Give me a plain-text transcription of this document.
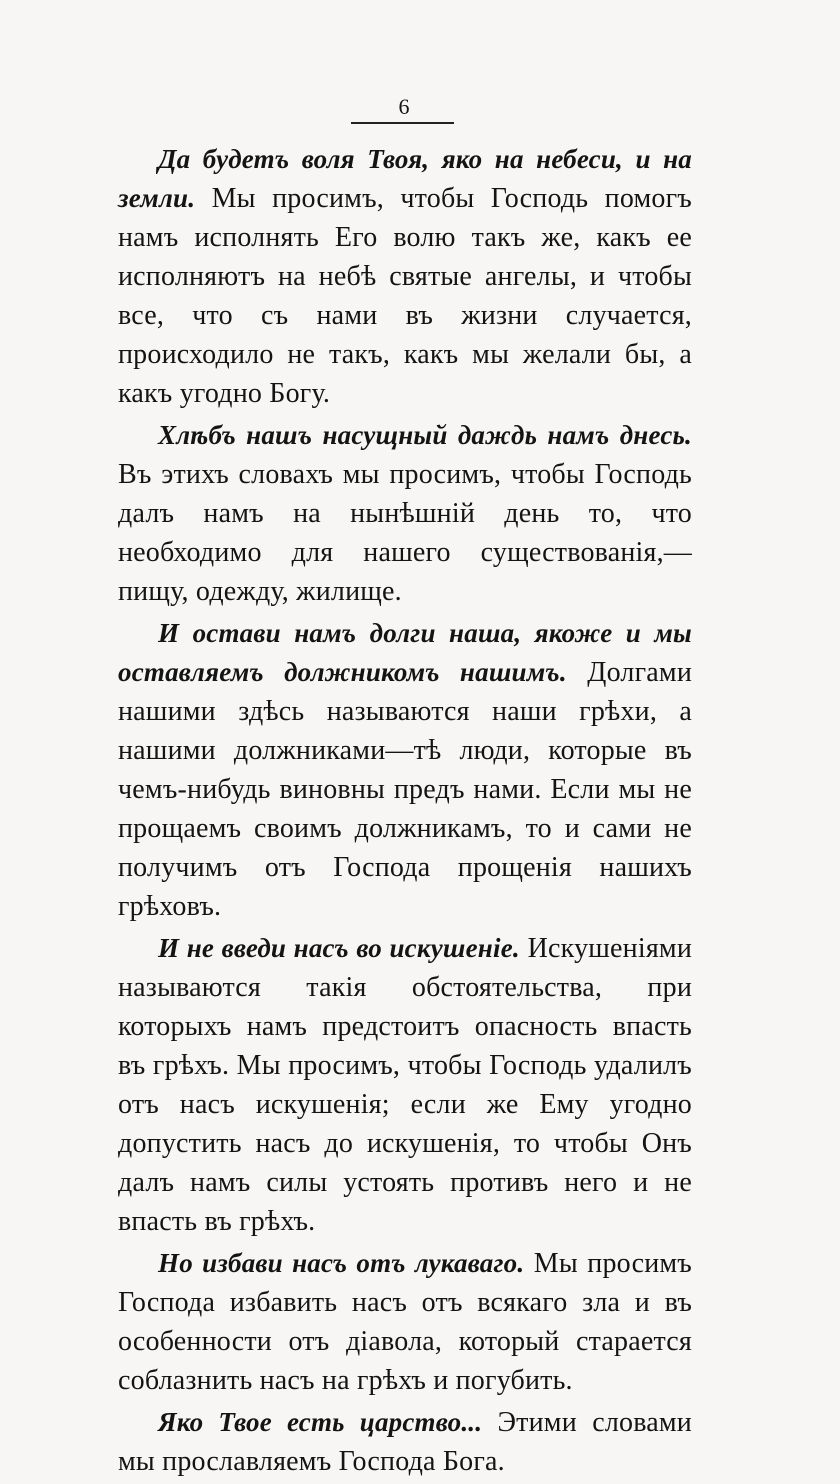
6

Да будетъ воля Твоя, яко на небеси, и на земли. Мы просимъ, чтобы Господь помогъ намъ исполнять Его волю такъ же, какъ ее исполняютъ на небѣ святые ангелы, и чтобы все, что съ нами въ жизни случается, происходило не такъ, какъ мы желали бы, а какъ угодно Богу.

Хлѣбъ нашъ насущный даждь намъ днесь. Въ этихъ словахъ мы просимъ, чтобы Господь далъ намъ на нынѣшній день то, что необходимо для нашего существованія,—пищу, одежду, жилище.

И остави намъ долги наша, якоже и мы оставляемъ должникомъ нашимъ. Долгами нашими здѣсь называются наши грѣхи, а нашими должниками—тѣ люди, которые въ чемъ-нибудь виновны предъ нами. Если мы не прощаемъ своимъ должникамъ, то и сами не получимъ отъ Господа прощенія нашихъ грѣховъ.

И не введи насъ во искушеніе. Искушеніями называются такія обстоятельства, при которыхъ намъ предстоитъ опасность впасть въ грѣхъ. Мы просимъ, чтобы Господь удалилъ отъ насъ искушенія; если же Ему угодно допустить насъ до искушенія, то чтобы Онъ далъ намъ силы устоять противъ него и не впасть въ грѣхъ.

Но избави насъ отъ лукаваго. Мы просимъ Господа избавить насъ отъ всякаго зла и въ особенности отъ діавола, который старается соблазнить насъ на грѣхъ и погубить.

Яко Твое есть царство... Этими словами мы прославляемъ Господа Бога.
